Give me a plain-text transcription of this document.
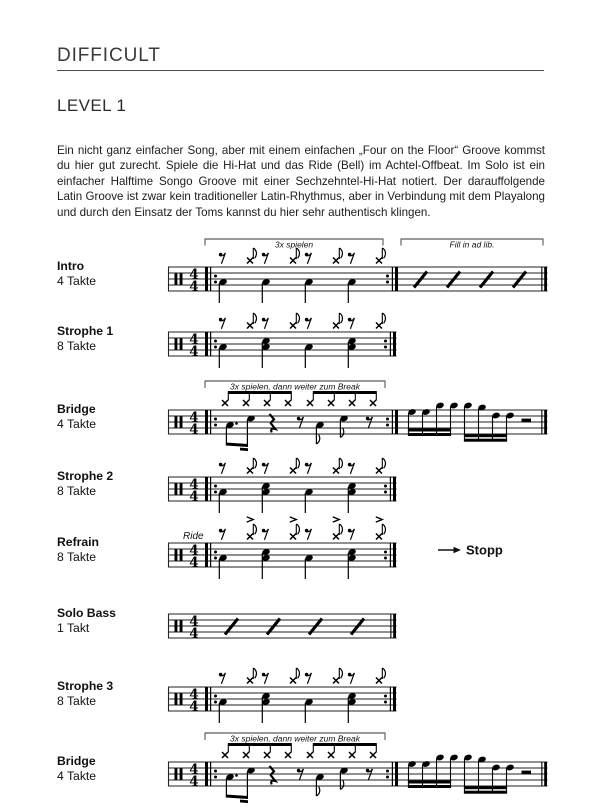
DIFFICULT
LEVEL 1

Ein nicht ganz einfacher Song, aber mit einem einfachen „Four on the Floor“ Groove kommst du hier gut zurecht. Spiele die Hi-Hat und das Ride (Bell) im Achtel-Offbeat. Im Solo ist ein einfacher Halftime Songo Groove mit einer Sechzehntel-Hi-Hat notiert. Der darauffolgende Latin Groove ist zwar kein traditioneller Latin-Rhythmus, aber in Verbindung mit dem Playalong und durch den Einsatz der Toms kannst du hier sehr authentisch klingen.

Intro
4 Takte
3x spielen	Fill in ad lib.
Strophe 1
8 Takte
Bridge
4 Takte
3x spielen, dann weiter zum Break
Strophe 2
8 Takte
Refrain
8 Takte
Ride
Stopp
Solo Bass
1 Takt
Strophe 3
8 Takte
Bridge
4 Takte
3x spielen, dann weiter zum Break
